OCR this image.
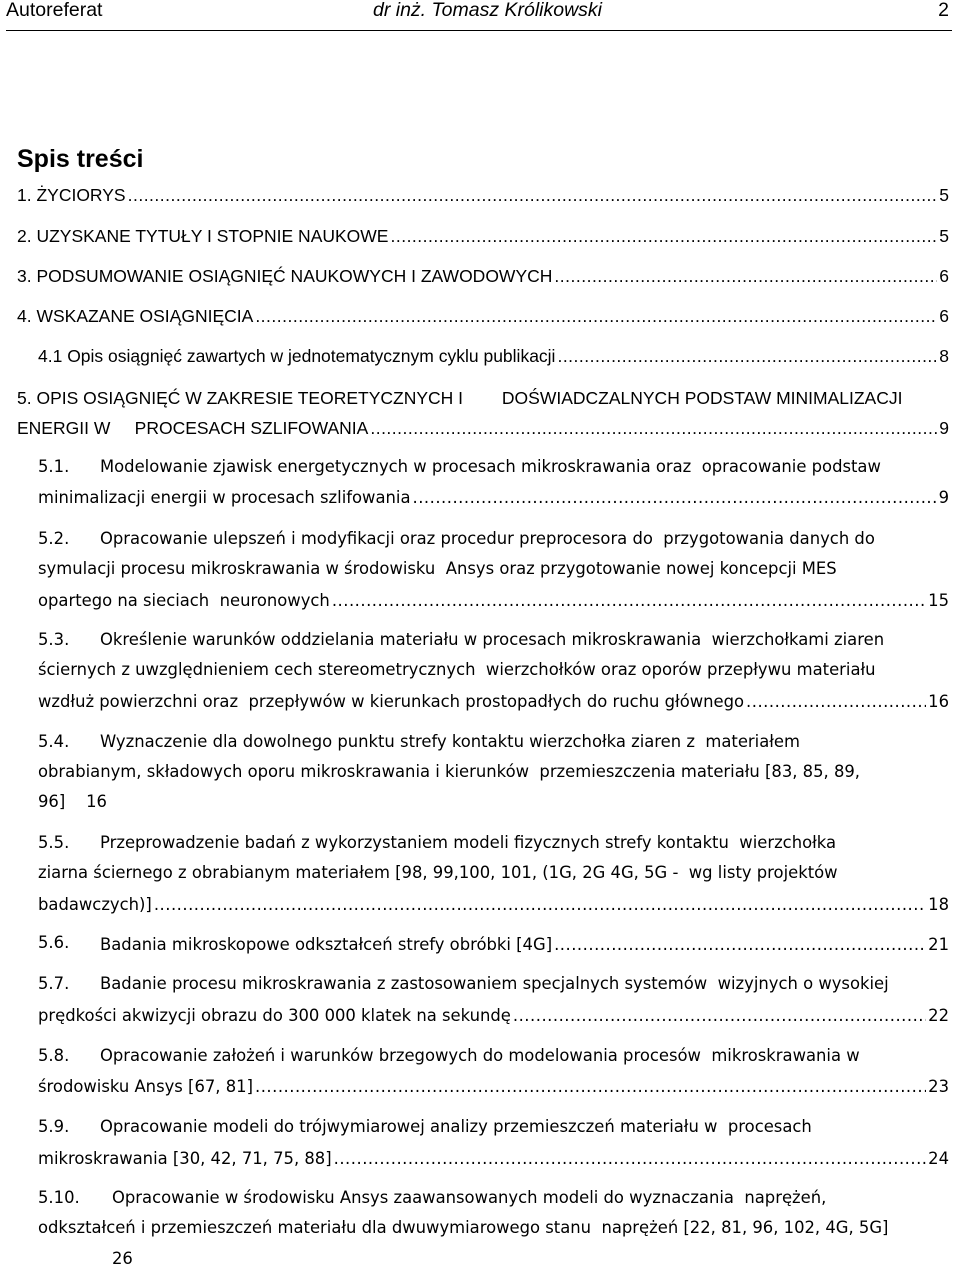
Autoreferat	dr inż. Tomasz Królikowski	2
Spis treści
1. ŻYCIORYS .....	5
2. UZYSKANE TYTUŁY I STOPNIE NAUKOWE .....	5
3. PODSUMOWANIE OSIĄGNIĘĆ NAUKOWYCH I ZAWODOWYCH .....	6
4. WSKAZANE OSIĄGNIĘCIA .....	6
4.1 Opis osiągnięć zawartych w jednotematycznym cyklu publikacji .....	8
5. OPIS OSIĄGNIĘĆ W ZAKRESIE TEORETYCZNYCH I        DOŚWIADCZALNYCH PODSTAW MINIMALIZACJI
ENERGII W     PROCESACH SZLIFOWANIA .....	9
5.1. Modelowanie zjawisk energetycznych w procesach mikroskrawania oraz  opracowanie podstaw
minimalizacji energii w procesach szlifowania .....	9
5.2. Opracowanie ulepszeń i modyfikacji oraz procedur preprocesora do  przygotowania danych do
symulacji procesu mikroskrawania w środowisku  Ansys oraz przygotowanie nowej koncepcji MES
opartego na sieciach  neuronowych .....	15
5.3. Określenie warunków oddzielania materiału w procesach mikroskrawania  wierzchołkami ziaren
ściernych z uwzględnieniem cech stereometrycznych  wierzchołków oraz oporów przepływu materiału
wzdłuż powierzchni oraz  przepływów w kierunkach prostopadłych do ruchu głównego .....	16
5.4. Wyznaczenie dla dowolnego punktu strefy kontaktu wierzchołka ziaren z  materiałem
obrabianym, składowych oporu mikroskrawania i kierunków  przemieszczenia materiału [83, 85, 89,
96]    16
5.5. Przeprowadzenie badań z wykorzystaniem modeli fizycznych strefy kontaktu  wierzchołka
ziarna ściernego z obrabianym materiałem [98, 99,100, 101, (1G, 2G 4G, 5G -  wg listy projektów
badawczych)] .....	18
5.6. Badania mikroskopowe odkształceń strefy obróbki [4G] .....	21
5.7. Badanie procesu mikroskrawania z zastosowaniem specjalnych systemów  wizyjnych o wysokiej
prędkości akwizycji obrazu do 300 000 klatek na sekundę .....	22
5.8. Opracowanie założeń i warunków brzegowych do modelowania procesów  mikroskrawania w
środowisku Ansys [67, 81] .....	23
5.9. Opracowanie modeli do trójwymiarowej analizy przemieszczeń materiału w  procesach
mikroskrawania [30, 42, 71, 75, 88] .....	24
5.10. Opracowanie w środowisku Ansys zaawansowanych modeli do wyznaczania  naprężeń,
odkształceń i przemieszczeń materiału dla dwuwymiarowego stanu  naprężeń [22, 81, 96, 102, 4G, 5G]
26
